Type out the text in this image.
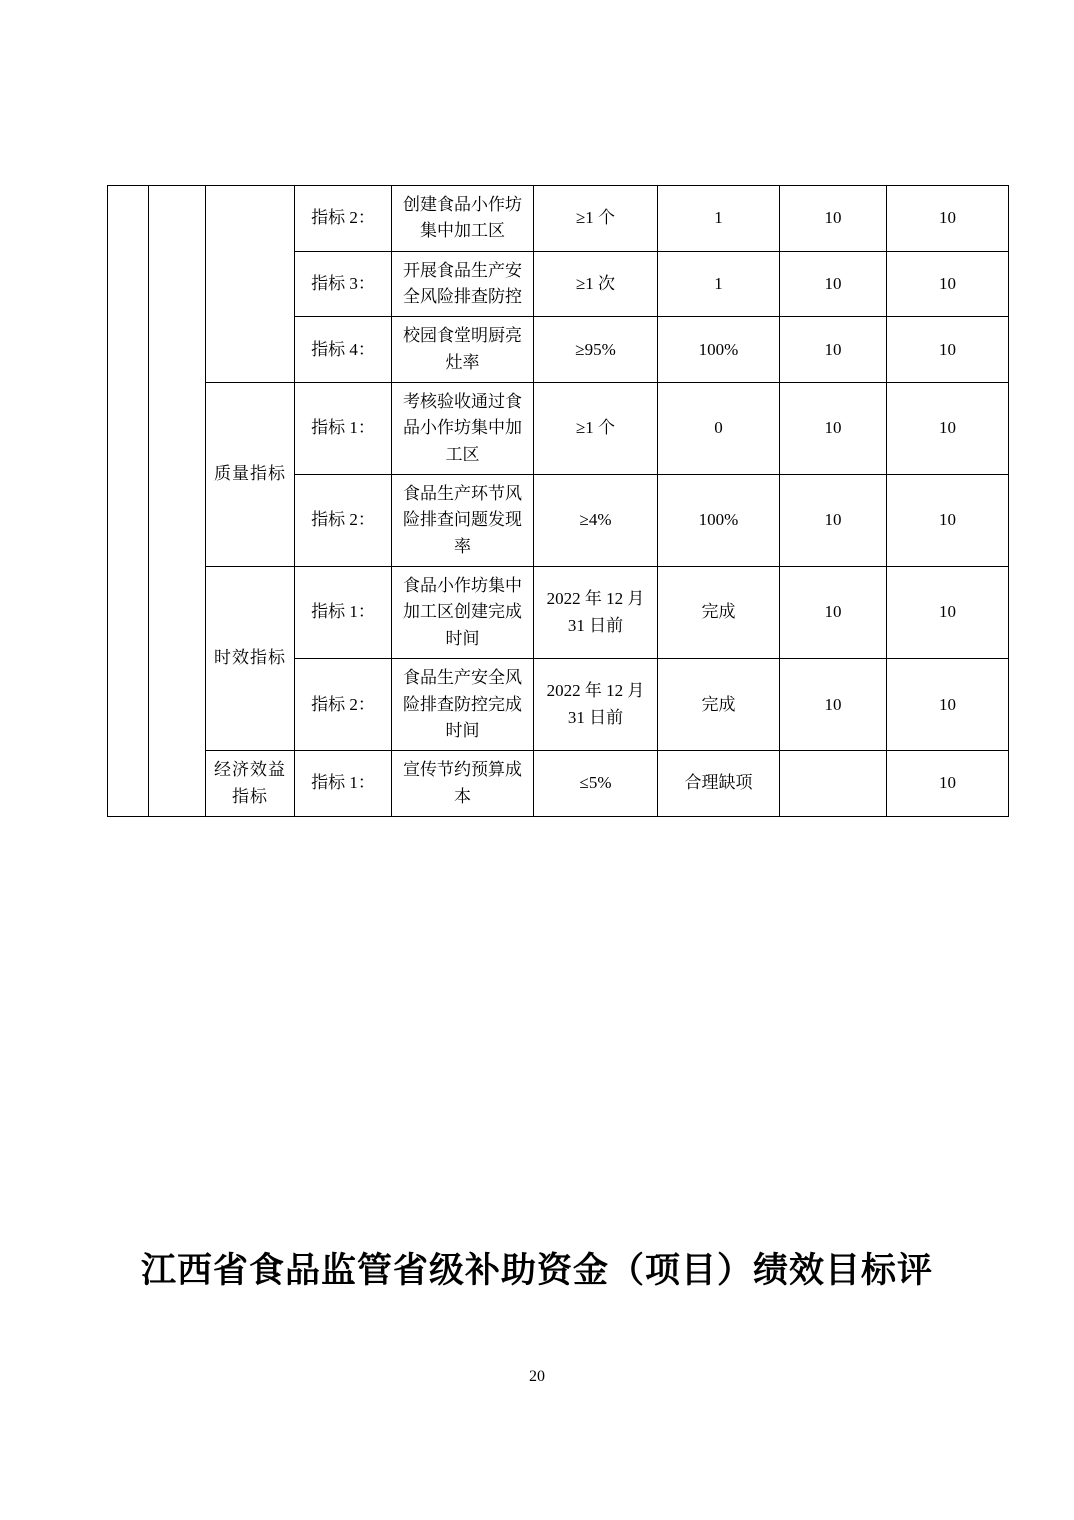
			指标 2：	创建食品小作坊集中加工区	≥1 个	1	10	10
			指标 3：	开展食品生产安全风险排查防控	≥1 次	1	10	10
			指标 4：	校园食堂明厨亮灶率	≥95%	100%	10	10
		质量指标	指标 1：	考核验收通过食品小作坊集中加工区	≥1 个	0	10	10
			指标 2：	食品生产环节风险排查问题发现率	≥4%	100%	10	10
		时效指标	指标 1：	食品小作坊集中加工区创建完成时间	2022 年 12 月 31 日前	完成	10	10
			指标 2：	食品生产安全风险排查防控完成时间	2022 年 12 月 31 日前	完成	10	10
		经济效益指标	指标 1：	宣传节约预算成本	≤5%	合理缺项		10
江西省食品监管省级补助资金（项目）绩效目标评
20
